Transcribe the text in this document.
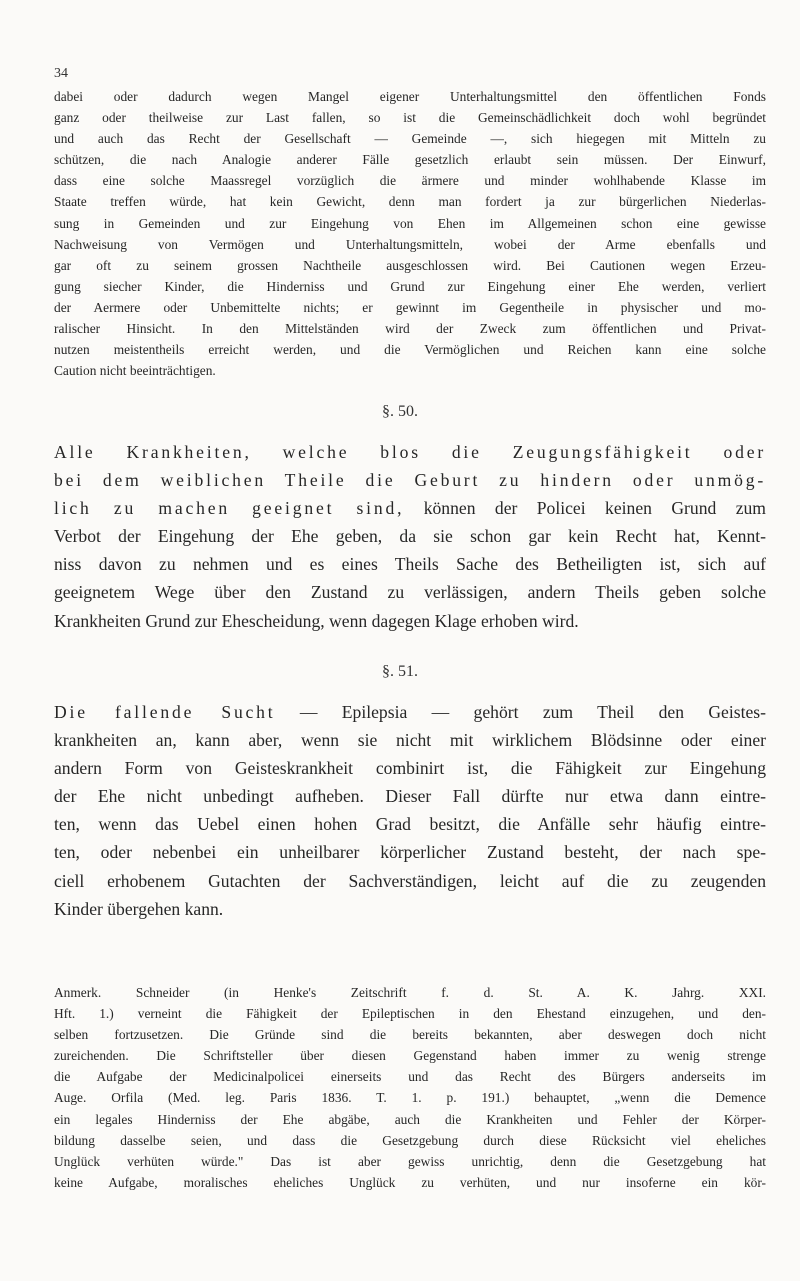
34
dabei oder dadurch wegen Mangel eigener Unterhaltungsmittel den öffentlichen Fonds
ganz oder theilweise zur Last fallen, so ist die Gemeinschädlichkeit doch wohl begründet
und auch das Recht der Gesellschaft — Gemeinde —, sich hiegegen mit Mitteln zu
schützen, die nach Analogie anderer Fälle gesetzlich erlaubt sein müssen. Der Einwurf,
dass eine solche Maassregel vorzüglich die ärmere und minder wohlhabende Klasse im
Staate treffen würde, hat kein Gewicht, denn man fordert ja zur bürgerlichen Niederlas-
sung in Gemeinden und zur Eingehung von Ehen im Allgemeinen schon eine gewisse
Nachweisung von Vermögen und Unterhaltungsmitteln, wobei der Arme ebenfalls und
gar oft zu seinem grossen Nachtheile ausgeschlossen wird. Bei Cautionen wegen Erzeu-
gung siecher Kinder, die Hinderniss und Grund zur Eingehung einer Ehe werden, verliert
der Aermere oder Unbemittelte nichts; er gewinnt im Gegentheile in physischer und mo-
ralischer Hinsicht. In den Mittelständen wird der Zweck zum öffentlichen und Privat-
nutzen meistentheils erreicht werden, und die Vermöglichen und Reichen kann eine solche
Caution nicht beeinträchtigen.
§. 50.
Alle Krankheiten, welche blos die Zeugungsfähigkeit oder
bei dem weiblichen Theile die Geburt zu hindern oder unmög-
lich zu machen geeignet sind, können der Policei keinen Grund zum
Verbot der Eingehung der Ehe geben, da sie schon gar kein Recht hat, Kennt-
niss davon zu nehmen und es eines Theils Sache des Betheiligten ist, sich auf
geeignetem Wege über den Zustand zu verlässigen, andern Theils geben solche
Krankheiten Grund zur Ehescheidung, wenn dagegen Klage erhoben wird.
§. 51.
Die fallende Sucht — Epilepsia — gehört zum Theil den Geistes-
krankheiten an, kann aber, wenn sie nicht mit wirklichem Blödsinne oder einer
andern Form von Geisteskrankheit combinirt ist, die Fähigkeit zur Eingehung
der Ehe nicht unbedingt aufheben. Dieser Fall dürfte nur etwa dann eintre-
ten, wenn das Uebel einen hohen Grad besitzt, die Anfälle sehr häufig eintre-
ten, oder nebenbei ein unheilbarer körperlicher Zustand besteht, der nach spe-
ciell erhobenem Gutachten der Sachverständigen, leicht auf die zu zeugenden
Kinder übergehen kann.
Anmerk. Schneider (in Henke's Zeitschrift f. d. St. A. K. Jahrg. XXI.
Hft. 1.) verneint die Fähigkeit der Epileptischen in den Ehestand einzugehen, und den-
selben fortzusetzen. Die Gründe sind die bereits bekannten, aber deswegen doch nicht
zureichenden. Die Schriftsteller über diesen Gegenstand haben immer zu wenig strenge
die Aufgabe der Medicinalpolicei einerseits und das Recht des Bürgers anderseits im
Auge. Orfila (Med. leg. Paris 1836. T. 1. p. 191.) behauptet, „wenn die Demence
ein legales Hinderniss der Ehe abgäbe, auch die Krankheiten und Fehler der Körper-
bildung dasselbe seien, und dass die Gesetzgebung durch diese Rücksicht viel eheliches
Unglück verhüten würde." Das ist aber gewiss unrichtig, denn die Gesetzgebung hat
keine Aufgabe, moralisches eheliches Unglück zu verhüten, und nur insoferne ein kör-
